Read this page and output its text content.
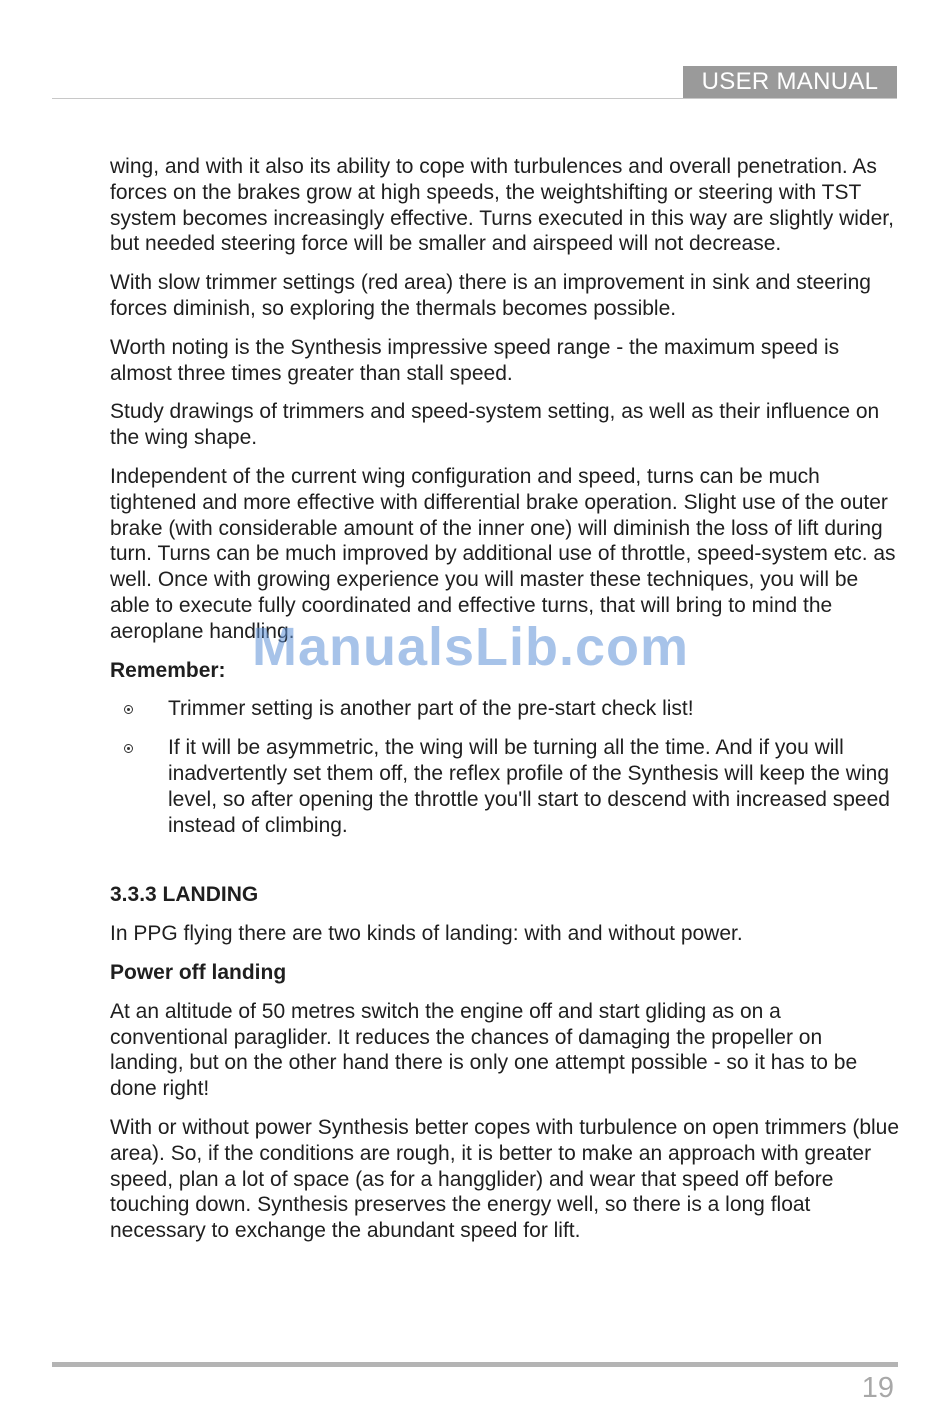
USER MANUAL

wing, and with it also its ability to cope with turbulences and overall penetration. As forces on the brakes grow at high speeds, the weightshifting or steering with TST system becomes increasingly effective. Turns executed in this way are slightly wider, but needed steering force will be smaller and airspeed will not decrease.

With slow trimmer settings (red area) there is an improvement in sink and steering forces diminish, so exploring the thermals becomes possible.

Worth noting is the Synthesis impressive speed range - the maximum speed is almost three times greater than stall speed.

Study drawings of trimmers and speed-system setting, as well as their influence on the wing shape.

Independent of the current wing configuration and speed, turns can be much tightened and more effective with differential brake operation. Slight use of the outer brake (with considerable amount of the inner one) will diminish the loss of lift during turn. Turns can be much improved by additional use of throttle, speed-system etc. as well. Once with growing experience you will master these techniques, you will be able to execute fully coordinated and effective turns, that will bring to mind the aeroplane handling.

Remember:

Trimmer setting is another part of the pre-start check list!
If it will be asymmetric, the wing will be turning all the time. And if you will inadvertently set them off, the reflex profile of the Synthesis will keep the wing level, so after opening the throttle you'll start to descend with increased speed instead of climbing.

3.3.3 LANDING

In PPG flying there are two kinds of landing: with and without power.

Power off landing

At an altitude of 50 metres switch the engine off and start gliding as on a conventional paraglider. It reduces the chances of damaging the propeller on landing, but on the other hand there is only one attempt possible - so it has to be done right!

With or without power Synthesis better copes with turbulence on open trimmers (blue area). So, if the conditions are rough, it is better to make an approach with greater speed, plan a lot of space (as for a hangglider) and wear that speed off before touching down. Synthesis preserves the energy well, so there is a long float necessary to exchange the abundant speed for lift.

ManualsLib.com
19
